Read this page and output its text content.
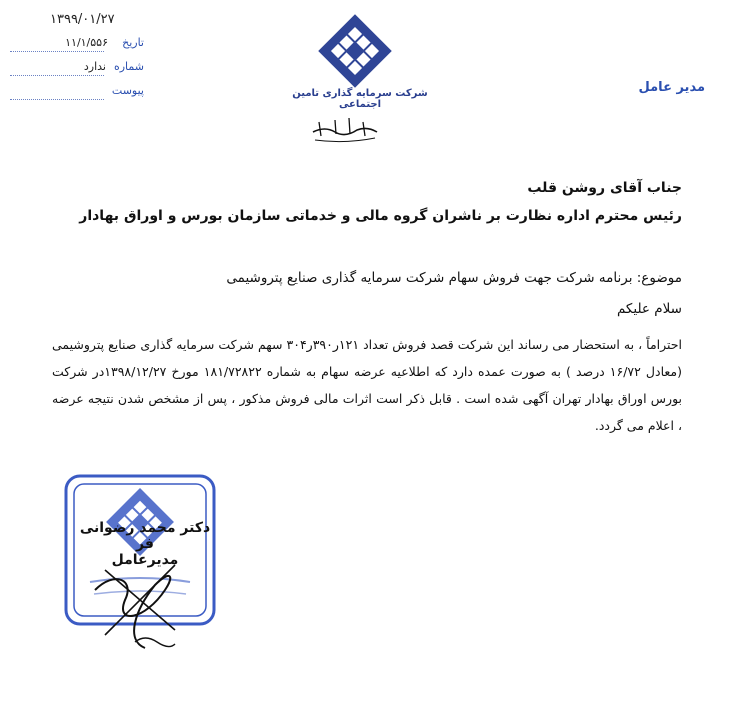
۱۳۹۹/۰۱/۲۷
تاریخ
۱۱/۱/۵۵۶
شماره
ندارد
پیوست	شرکت سرمایه گذاری تامین اجتماعی
مدیر عامل
جناب آقای روشن قلب
رئیس محترم اداره نظارت بر ناشران گروه مالی و خدماتی سازمان بورس و اوراق بهادار
موضوع: برنامه شرکت جهت فروش سهام شرکت سرمایه گذاری صنایع پتروشیمی
سلام علیکم

احتراماً ، به استحضار می رساند این شرکت قصد فروش تعداد ۱۲۱ر۳۹۰ر۳۰۴ سهم شرکت سرمایه گذاری صنایع پتروشیمی (معادل ۱۶/۷۲ درصد ) به صورت عمده دارد که اطلاعیه عرضه سهام به شماره ۱۸۱/۷۲۸۲۲ مورخ ۱۳۹۸/۱۲/۲۷در شرکت بورس اوراق بهادار تهران آگهی شده است . قابل ذکر است اثرات مالی فروش مذکور ، پس از مشخص شدن نتیجه عرضه ، اعلام می گردد.

دکتر محمد رضوانی فر
مدیرعامل
